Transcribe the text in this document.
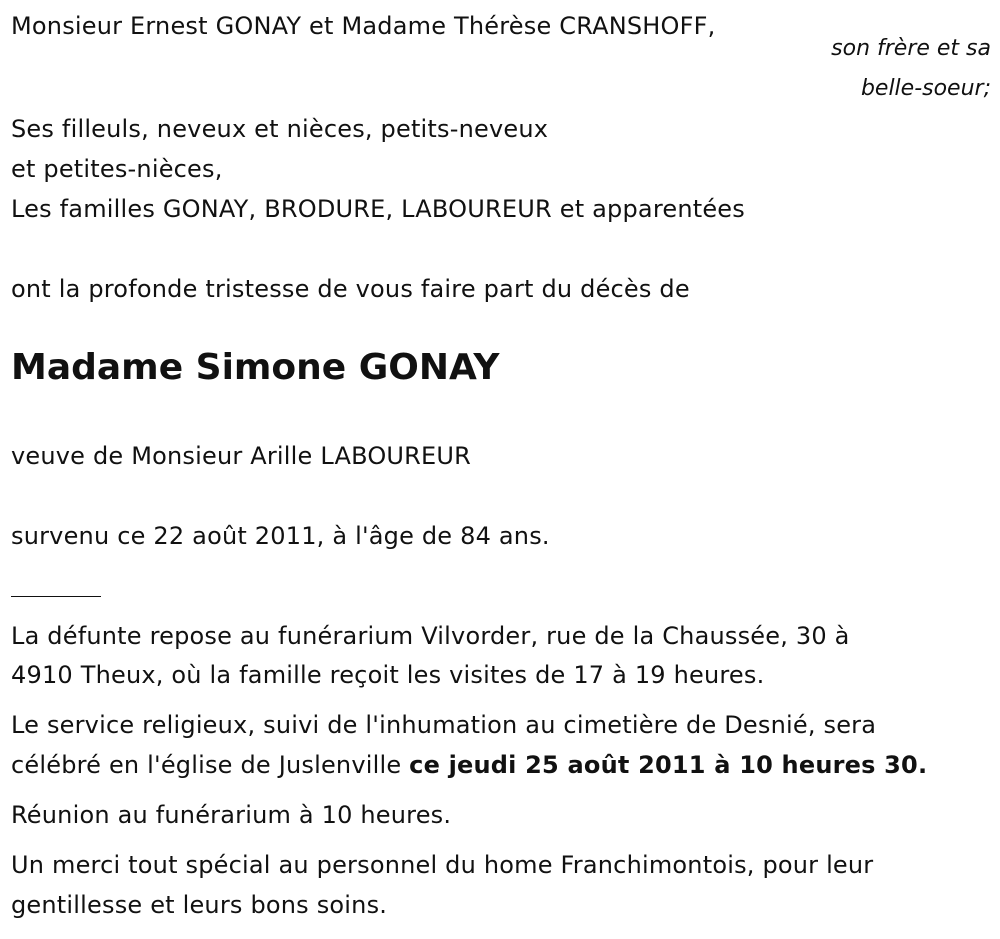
Monsieur Ernest GONAY et Madame Thérèse CRANSHOFF,
son frère et sa
belle-soeur;
Ses filleuls, neveux et nièces, petits-neveux
et petites-nièces,
Les familles GONAY, BRODURE, LABOUREUR et apparentées
ont la profonde tristesse de vous faire part du décès de
Madame Simone GONAY
veuve de Monsieur Arille LABOUREUR
survenu ce 22 août 2011, à l'âge de 84 ans.
La défunte repose au funérarium Vilvorder, rue de la Chaussée, 30 à
4910 Theux, où la famille reçoit les visites de 17 à 19 heures.
Le service religieux, suivi de l'inhumation au cimetière de Desnié, sera
célébré en l'église de Juslenville ce jeudi 25 août 2011 à 10 heures 30.
Réunion au funérarium à 10 heures.
Un merci tout spécial au personnel du home Franchimontois, pour leur
gentillesse et leurs bons soins.
